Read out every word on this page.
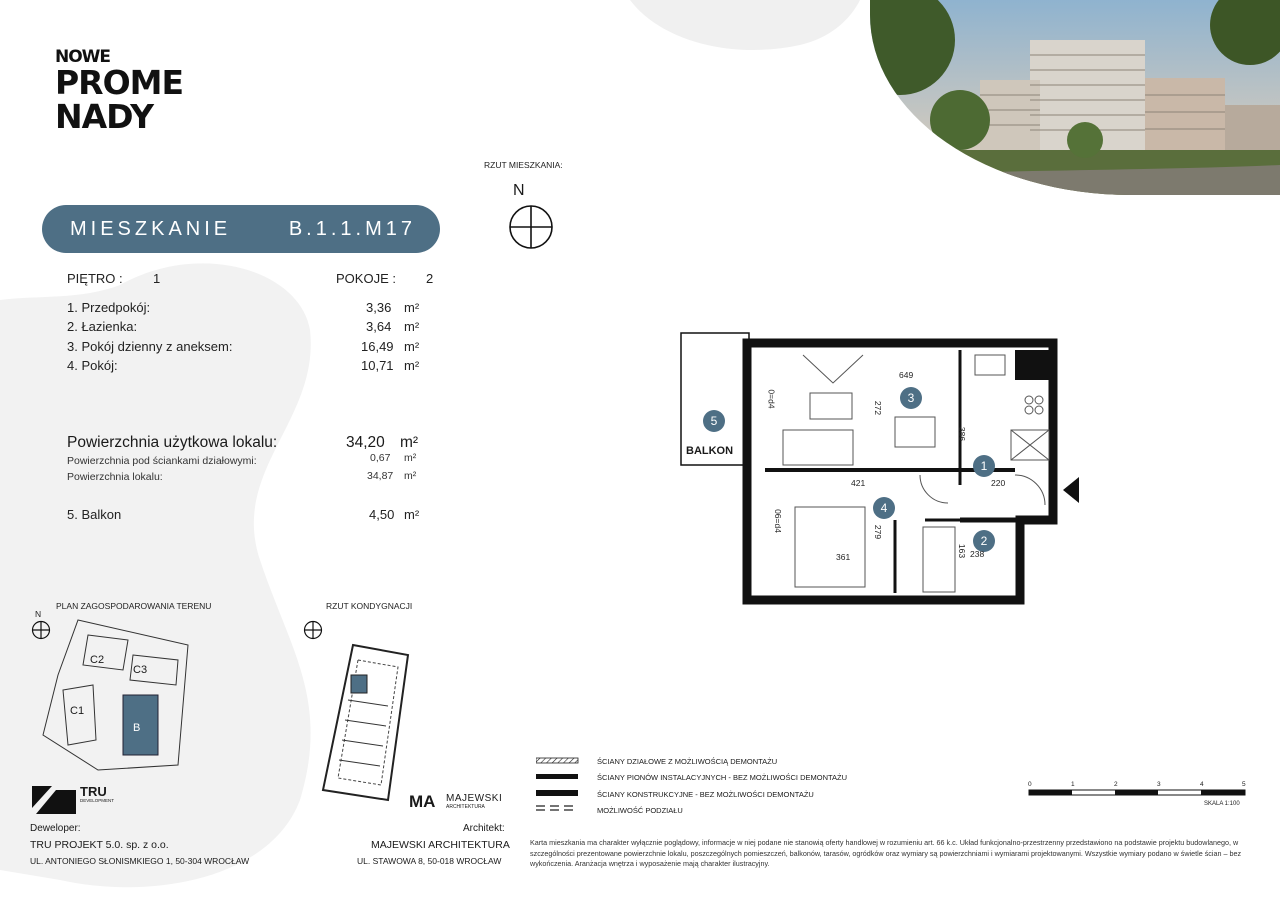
NOWE
PROME
NADY
MIESZKANIE	B.1.1.M17
RZUT MIESZKANIA:
N
PIĘTRO : 1	POKOJE : 2
1. Przedpokój:	3,36 m²
2. Łazienka:	3,64 m²
3. Pokój dzienny z aneksem:	16,49 m²
4. Pokój:	10,71 m²
Powierzchnia użytkowa lokalu:	34,20 m²
Powierzchnia pod ściankami działowymi:	0,67 m²
Powierzchnia lokalu:	34,87 m²
5. Balkon	4,50 m²
BALKON
5
3
1
4
2
649
272
386
220
421
279
361	163 238
0=d4
06=d4
PLAN ZAGOSPODAROWANIA TERENU
N
C2
C3
C1
B
RZUT KONDYGNACJI
ŚCIANY DZIAŁOWE Z MOŻLIWOŚCIĄ DEMONTAŻU
ŚCIANY PIONÓW INSTALACYJNYCH - BEZ MOŻLIWOŚCI DEMONTAŻU
ŚCIANY KONSTRUKCYJNE - BEZ MOŻLIWOŚCI DEMONTAŻU
MOŻLIWOŚĆ PODZIAŁU
0	1	2	3	4	5
SKALA 1:100
TRU
DEVELOPMENT
Deweloper:
TRU PROJEKT 5.0. sp. z o.o.
UL. ANTONIEGO SŁONISMKIEGO 1, 50-304 WROCŁAW
MA MAJEWSKI
ARCHITEKTURA
Architekt:
MAJEWSKI ARCHITEKTURA
UL. STAWOWA 8, 50-018 WROCŁAW
Karta mieszkania ma charakter wyłącznie poglądowy, informacje w niej podane nie stanowią oferty handlowej w rozumieniu art. 66 k.c. Układ funkcjonalno-przestrzenny przedstawiono na podstawie projektu budowlanego, w szczególności prezentowane powierzchnie lokalu, poszczególnych pomieszczeń, balkonów, tarasów, ogródków oraz wymiary są powierzchniami i wymiarami projektowanymi. Wszystkie wymiary podano w świetle ścian – bez wykończenia. Aranżacja wnętrza i wyposażenie mają charakter ilustracyjny.
